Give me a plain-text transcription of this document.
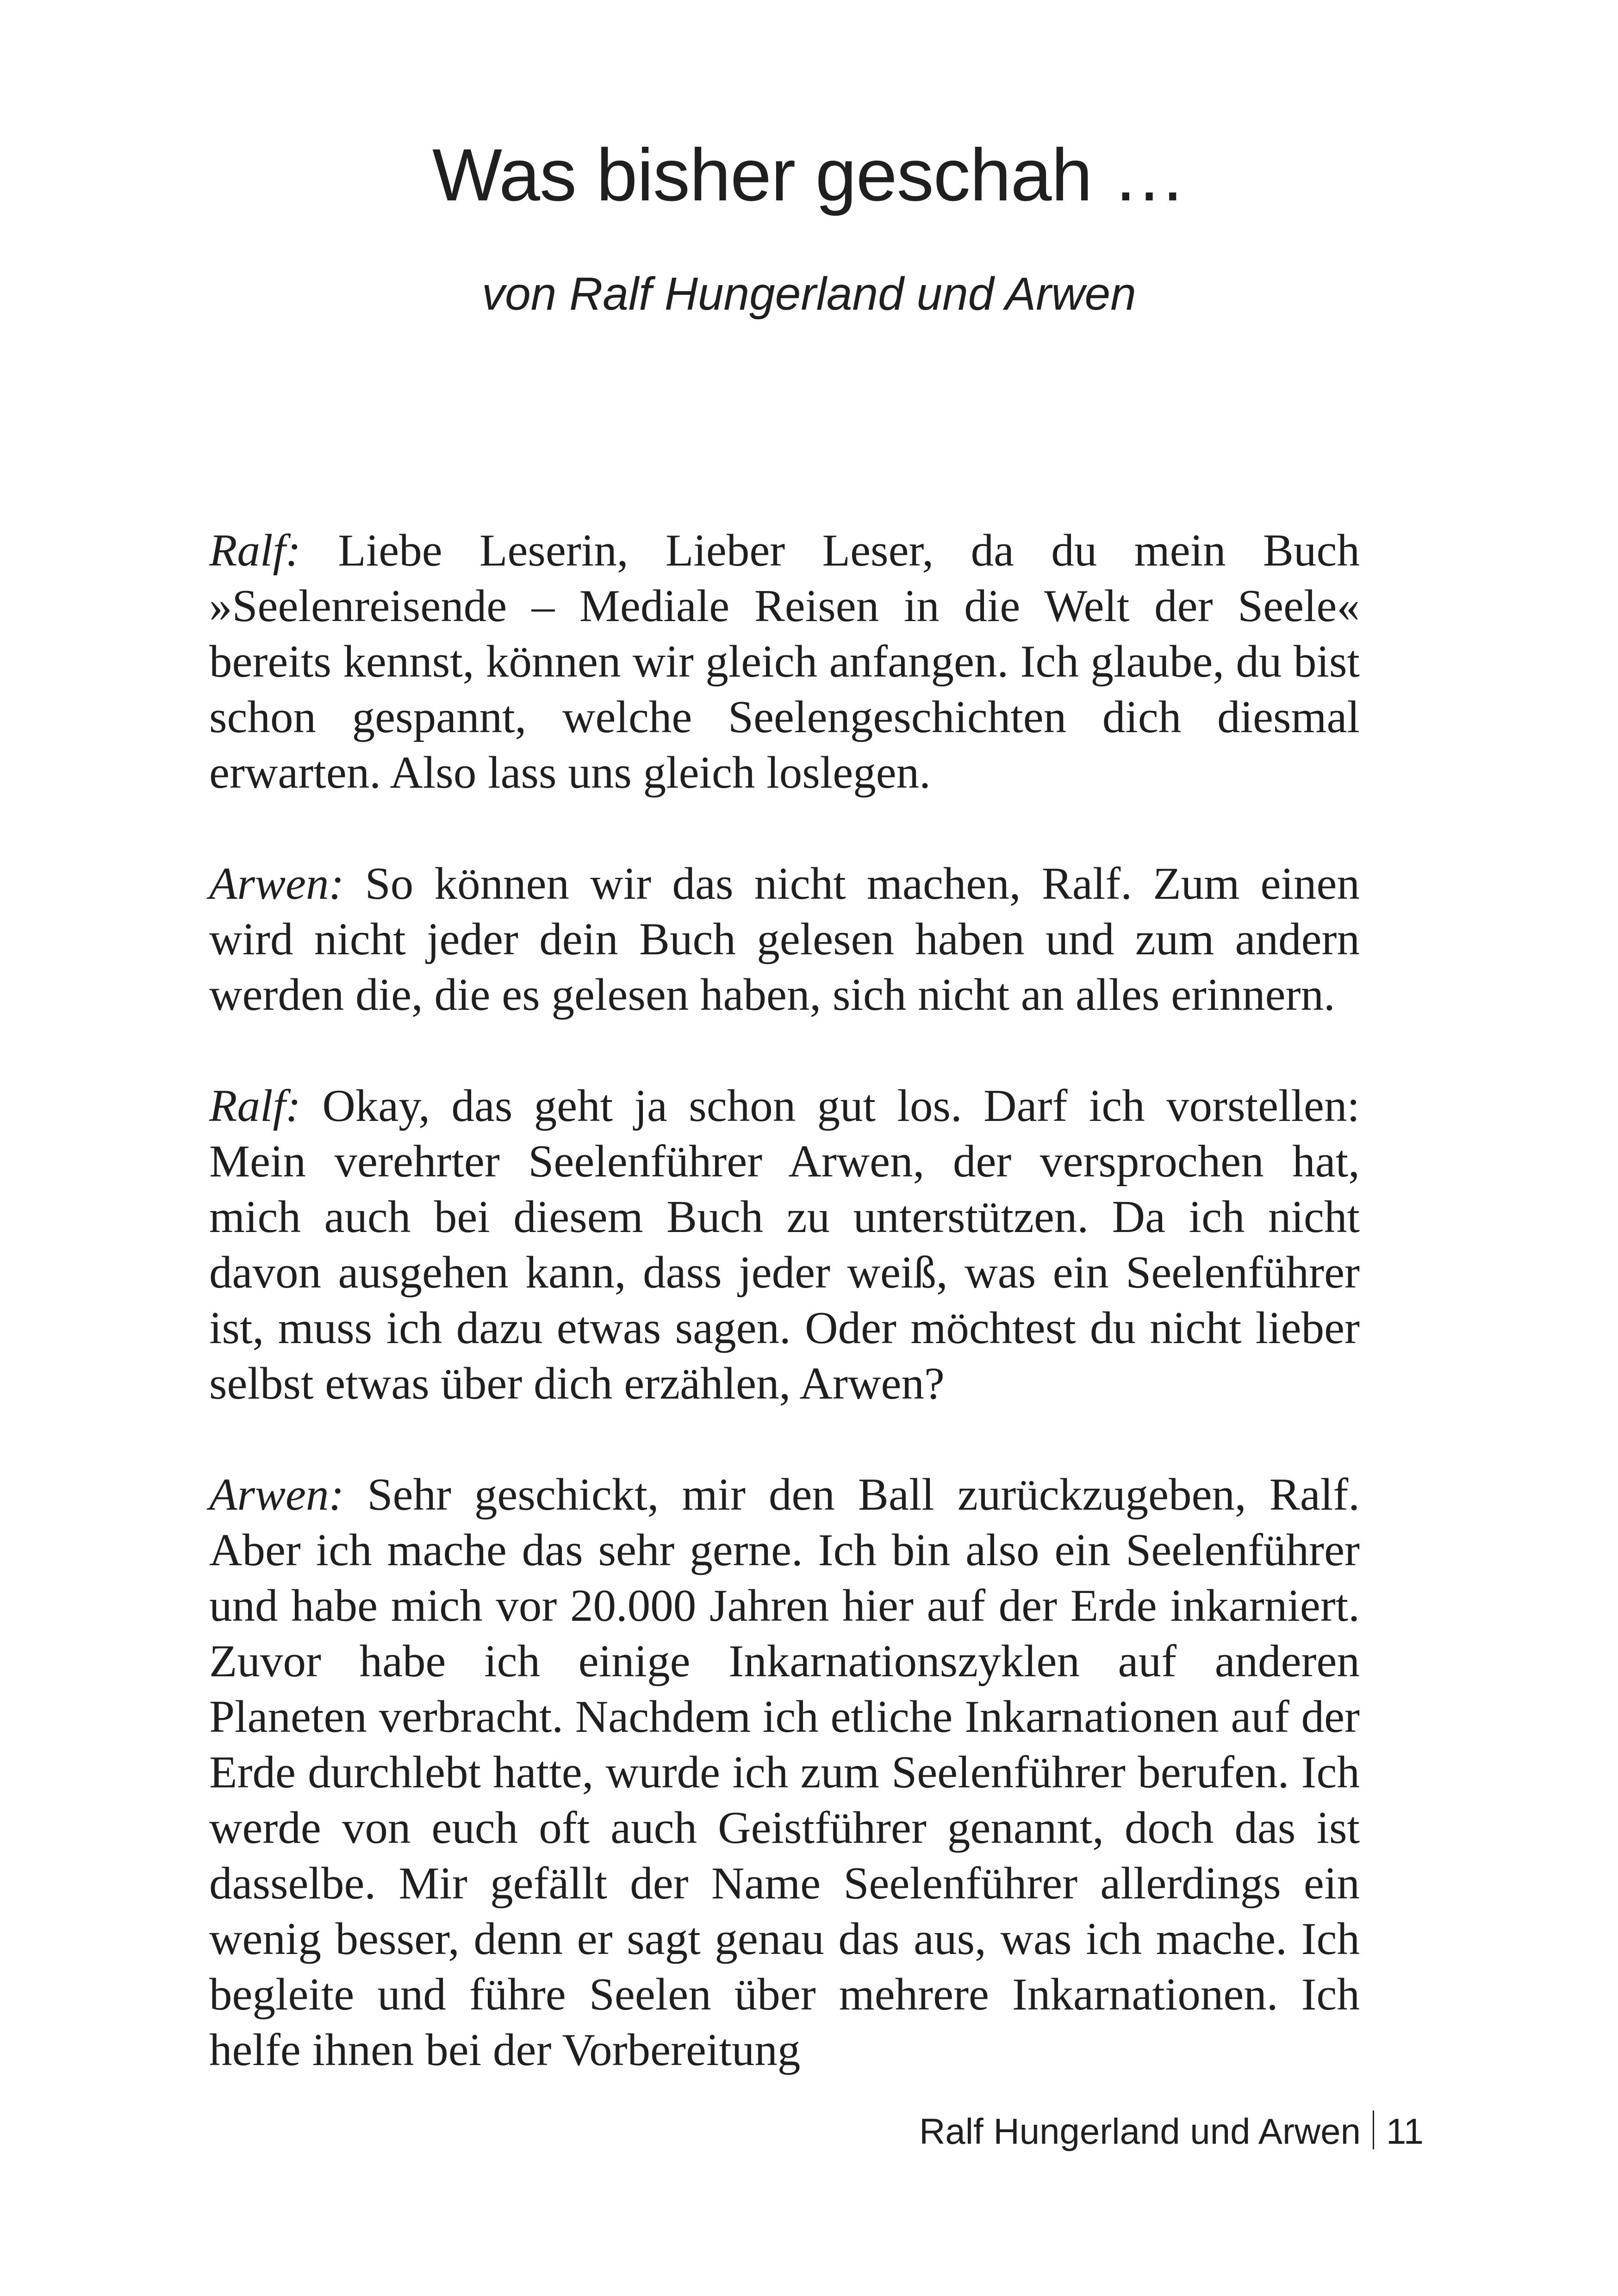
Was bisher geschah …
von Ralf Hungerland und Arwen

Ralf: Liebe Leserin, Lieber Leser, da du mein Buch »Seelenreisende – Mediale Reisen in die Welt der Seele« bereits kennst, können wir gleich anfangen. Ich glaube, du bist schon gespannt, welche Seelengeschichten dich diesmal erwarten. Also lass uns gleich loslegen.

Arwen: So können wir das nicht machen, Ralf. Zum einen wird nicht jeder dein Buch gelesen haben und zum andern werden die, die es gelesen haben, sich nicht an alles erinnern.

Ralf: Okay, das geht ja schon gut los. Darf ich vorstellen: Mein verehrter Seelenführer Arwen, der versprochen hat, mich auch bei diesem Buch zu unterstützen. Da ich nicht davon ausgehen kann, dass jeder weiß, was ein Seelenführer ist, muss ich dazu etwas sagen. Oder möchtest du nicht lieber selbst etwas über dich erzählen, Arwen?

Arwen: Sehr geschickt, mir den Ball zurückzugeben, Ralf. Aber ich mache das sehr gerne. Ich bin also ein Seelenführer und habe mich vor 20.000 Jahren hier auf der Erde inkarniert. Zuvor habe ich einige Inkarnationszyklen auf anderen Planeten verbracht. Nachdem ich etliche Inkarnationen auf der Erde durchlebt hatte, wurde ich zum Seelenführer berufen. Ich werde von euch oft auch Geistführer genannt, doch das ist dasselbe. Mir gefällt der Name Seelenführer allerdings ein wenig besser, denn er sagt genau das aus, was ich mache. Ich begleite und führe Seelen über mehrere Inkarnationen. Ich helfe ihnen bei der Vorbereitung

Ralf Hungerland und Arwen 11
